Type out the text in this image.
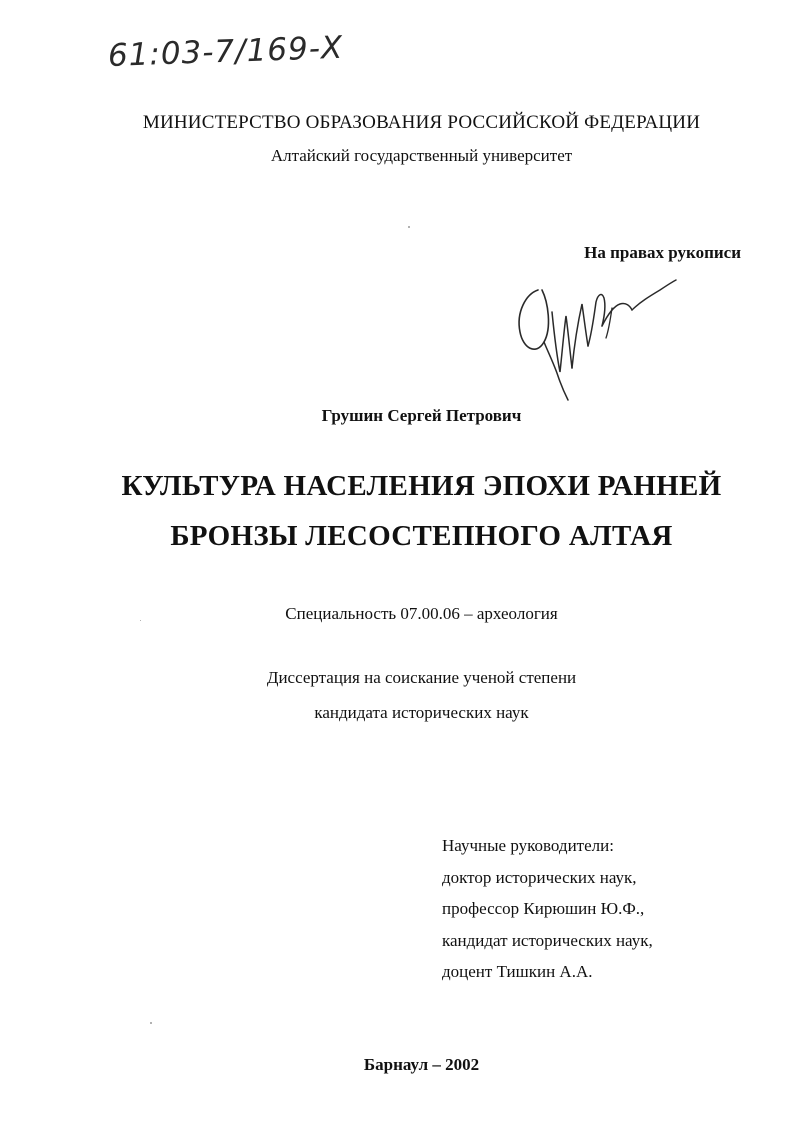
61:03-7/169-Х
МИНИСТЕРСТВО ОБРАЗОВАНИЯ РОССИЙСКОЙ ФЕДЕРАЦИИ
Алтайский государственный университет
На правах рукописи
Грушин Сергей Петрович
КУЛЬТУРА НАСЕЛЕНИЯ ЭПОХИ РАННЕЙ
БРОНЗЫ ЛЕСОСТЕПНОГО АЛТАЯ
Специальность 07.00.06 – археология
Диссертация на соискание ученой степени
кандидата исторических наук
Научные руководители:
доктор исторических наук,
профессор Кирюшин Ю.Ф.,
кандидат исторических наук,
доцент Тишкин А.А.
Барнаул – 2002
